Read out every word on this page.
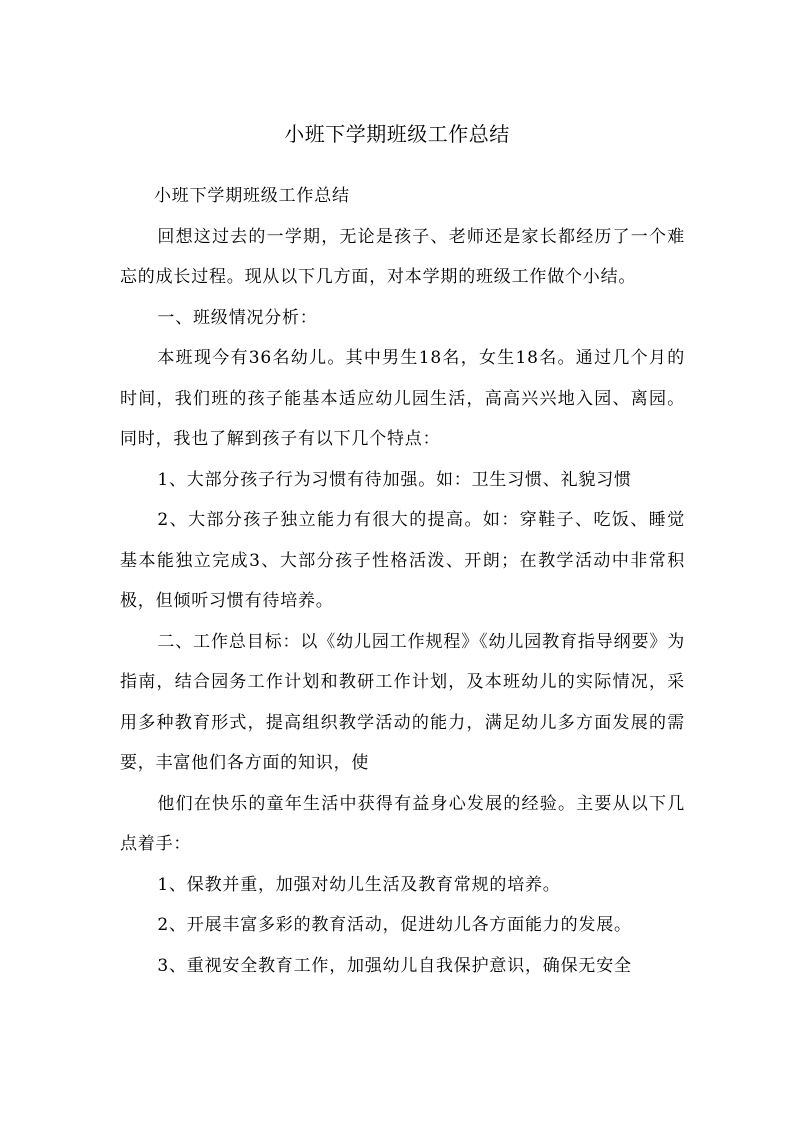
小班下学期班级工作总结

小班下学期班级工作总结

回想这过去的一学期，无论是孩子、老师还是家长都经历了一个难忘的成长过程。现从以下几方面，对本学期的班级工作做个小结。

一、班级情况分析：

本班现今有36名幼儿。其中男生18名，女生18名。通过几个月的时间，我们班的孩子能基本适应幼儿园生活，高高兴兴地入园、离园。同时，我也了解到孩子有以下几个特点：

1、大部分孩子行为习惯有待加强。如：卫生习惯、礼貌习惯

2、大部分孩子独立能力有很大的提高。如：穿鞋子、吃饭、睡觉基本能独立完成3、大部分孩子性格活泼、开朗；在教学活动中非常积极，但倾听习惯有待培养。

二、工作总目标：以《幼儿园工作规程》《幼儿园教育指导纲要》为指南，结合园务工作计划和教研工作计划，及本班幼儿的实际情况，采用多种教育形式，提高组织教学活动的能力，满足幼儿多方面发展的需要，丰富他们各方面的知识，使

他们在快乐的童年生活中获得有益身心发展的经验。主要从以下几点着手：

1、保教并重，加强对幼儿生活及教育常规的培养。

2、开展丰富多彩的教育活动，促进幼儿各方面能力的发展。

3、重视安全教育工作，加强幼儿自我保护意识，确保无安全
